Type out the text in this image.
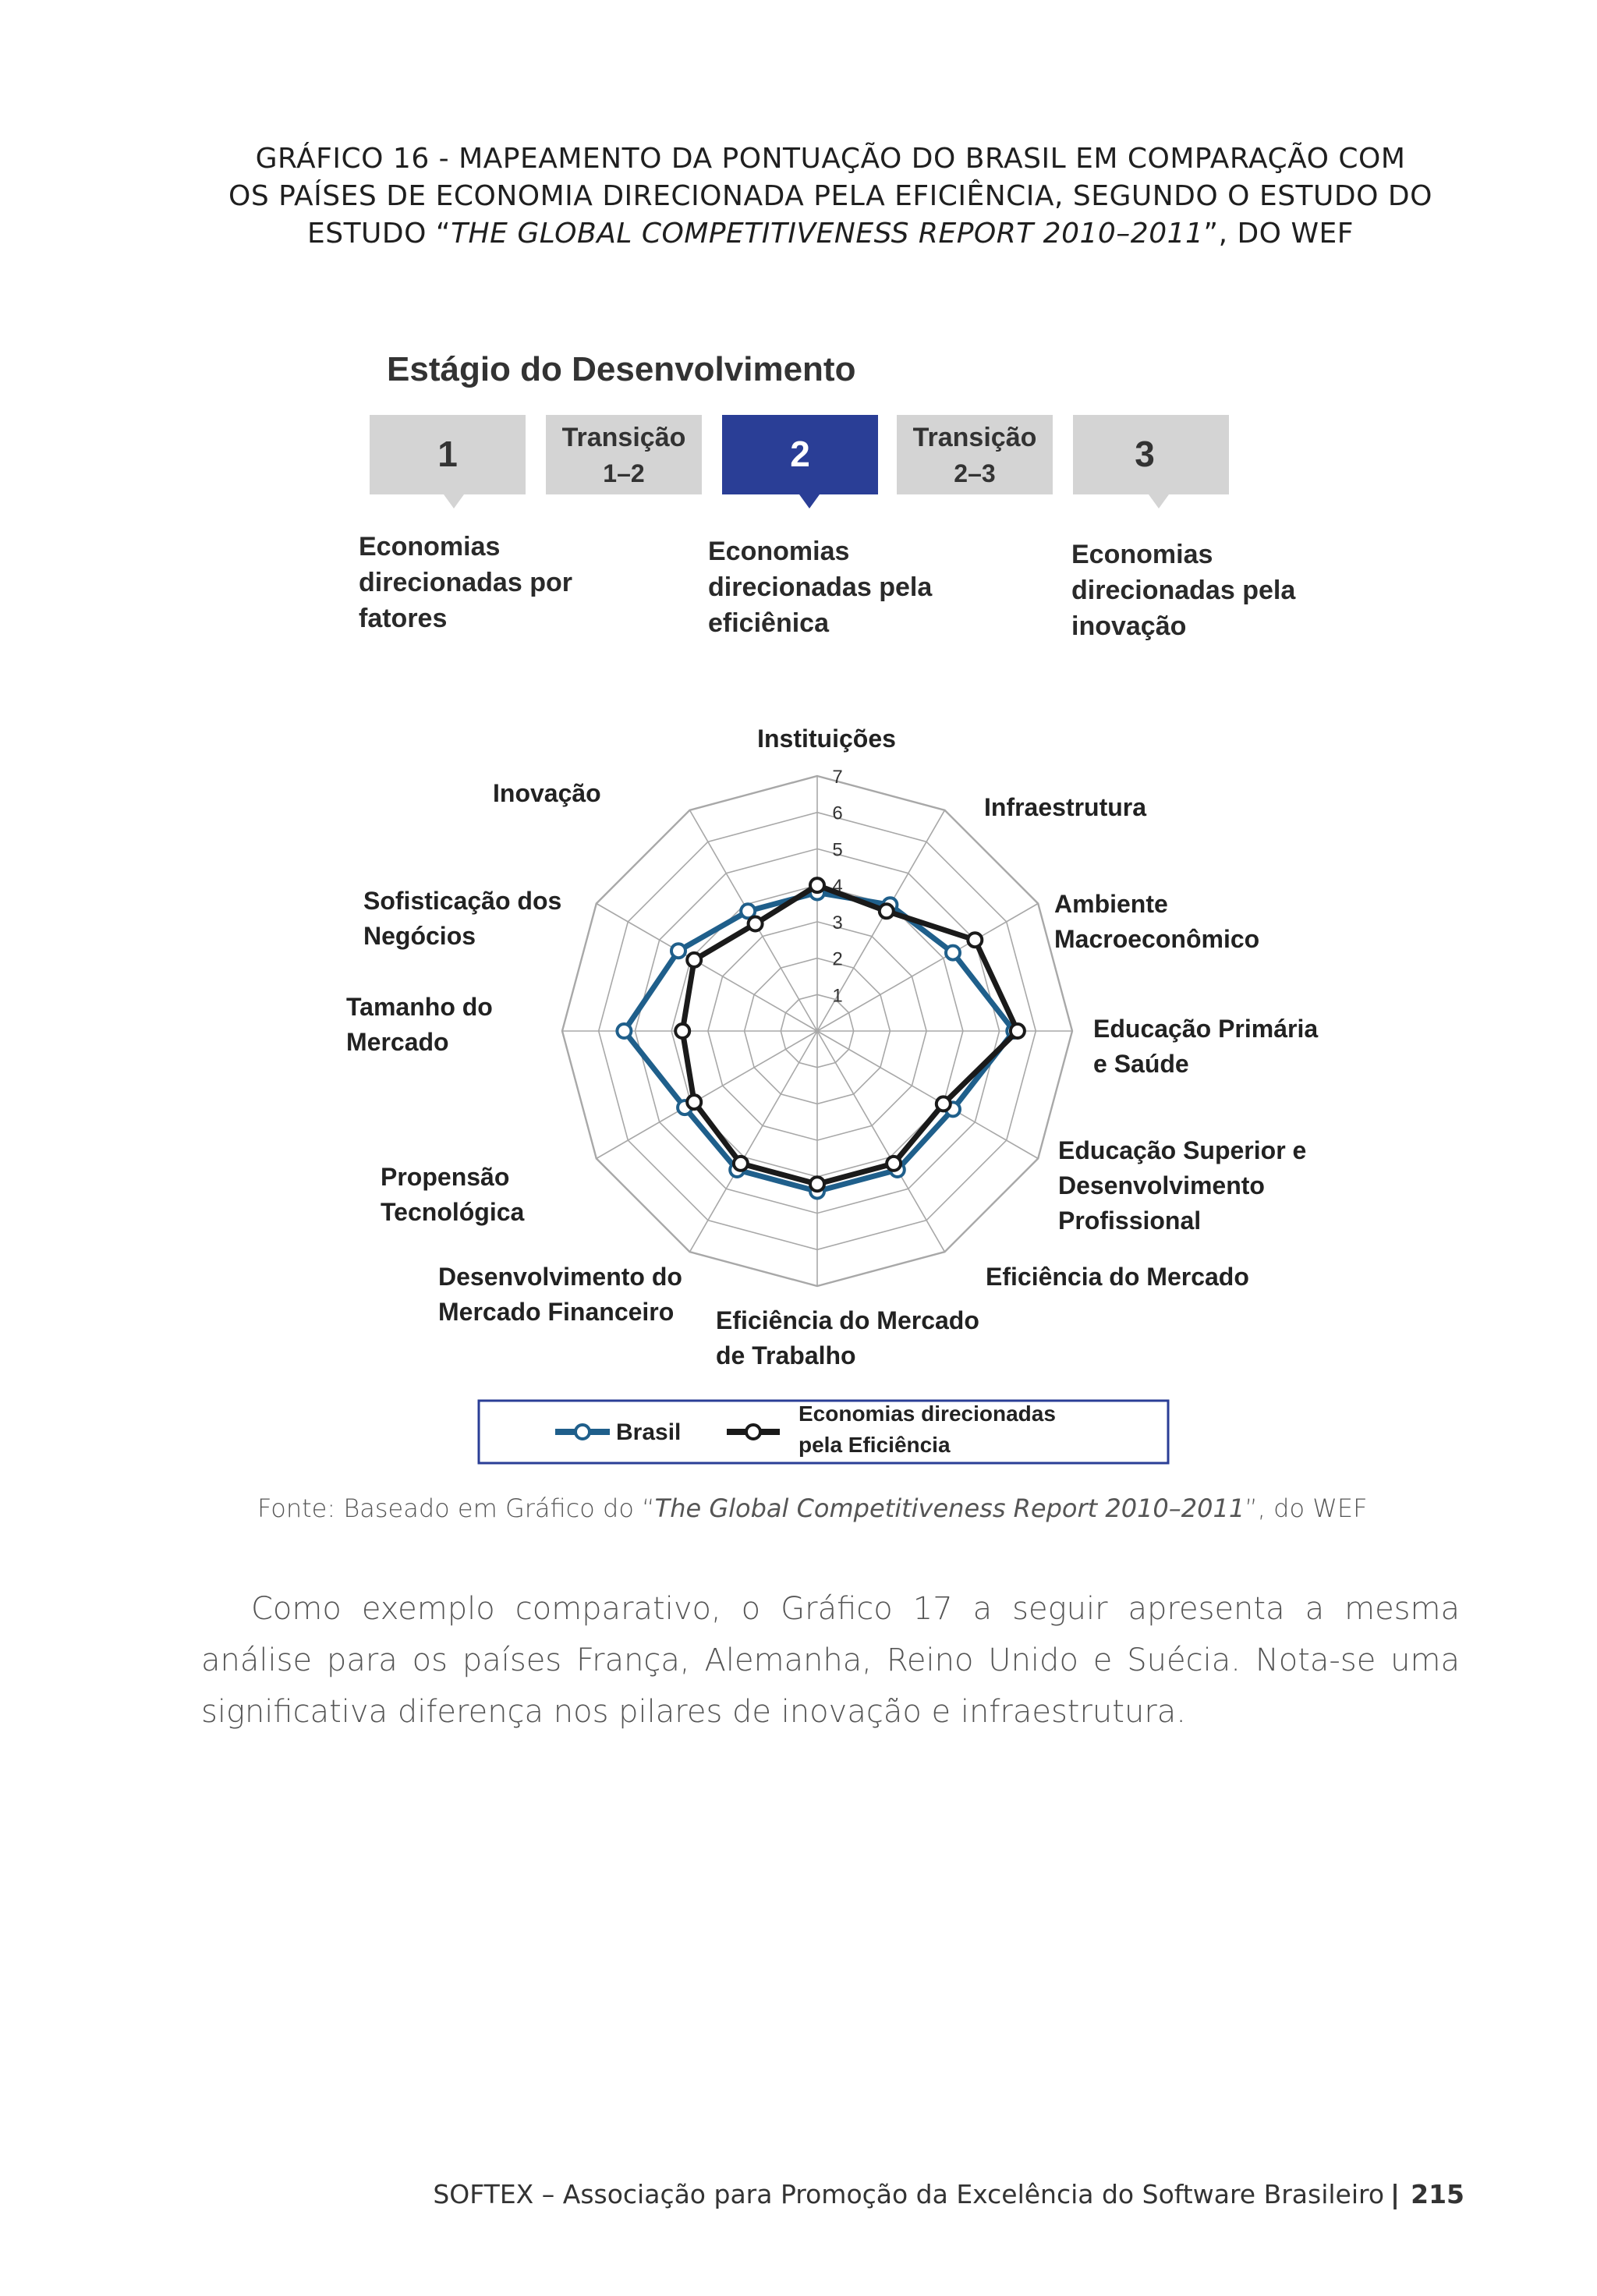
GRÁFICO 16 - MAPEAMENTO DA PONTUAÇÃO DO BRASIL EM COMPARAÇÃO COM
OS PAÍSES DE ECONOMIA DIRECIONADA PELA EFICIÊNCIA, SEGUNDO O ESTUDO DO
ESTUDO “THE GLOBAL COMPETITIVENESS REPORT 2010–2011”, DO WEF
Estágio do Desenvolvimento
1	Transição
1–2	2	Transição
2–3	3
Economias
direcionadas por
fatores
Economias
direcionadas pela
eficiênica
Economias
direcionadas pela
inovação
1
2
3
4
5
6
7
Instituições
Infraestrutura
Ambiente
Macroeconômico
Educação Primária
e Saúde
Educação Superior e
Desenvolvimento
Profissional
Eficiência do Mercado
Eficiência do Mercado
de Trabalho
Desenvolvimento do
Mercado Financeiro
Propensão
Tecnológica
Tamanho do
Mercado
Sofisticação dos
Negócios
Inovação
Brasil
Economias direcionadas
pela Eficiência
Fonte: Baseado em Gráfico do “The Global Competitiveness Report 2010–2011”, do WEF
Como exemplo comparativo, o Gráfico 17 a seguir apresenta a mesma análise para os países França, Alemanha, Reino Unido e Suécia. Nota-se uma significativa diferença nos pilares de inovação e infraestrutura.
SOFTEX – Associação para Promoção da Excelência do Software Brasileiro | 215
